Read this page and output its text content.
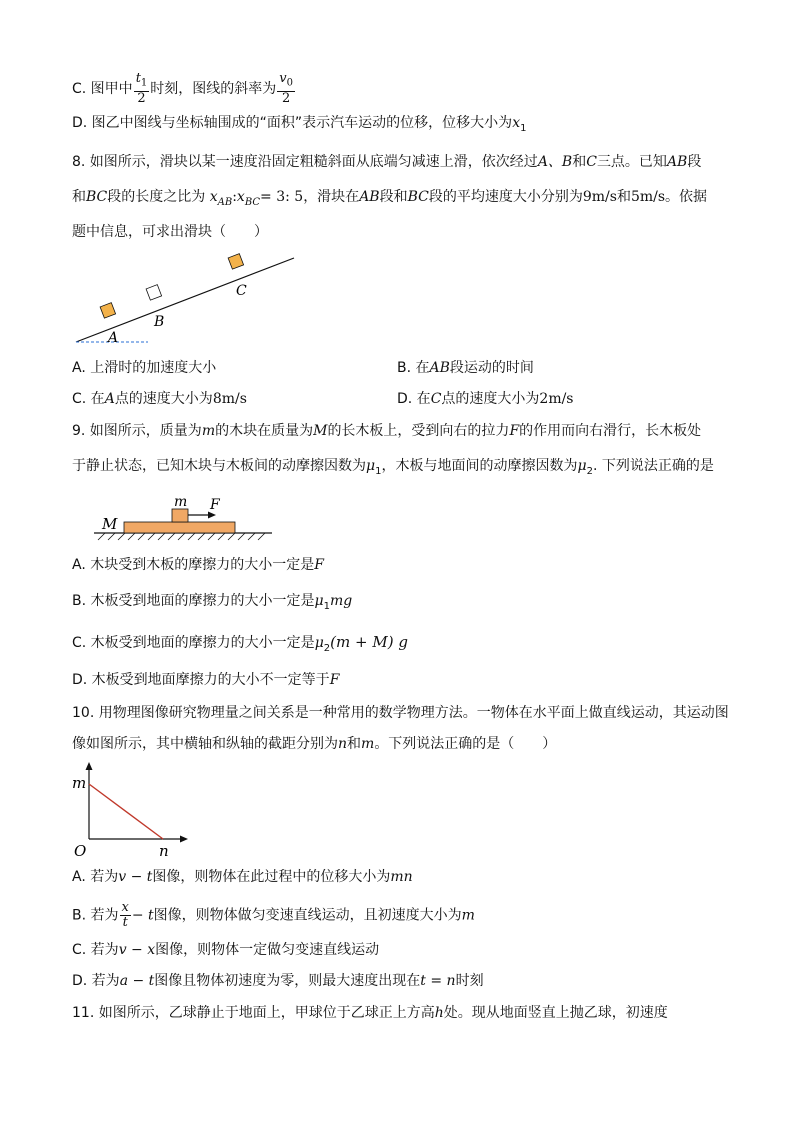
C. 图甲中 $\frac{t_1}{2}$ 时刻，图线的斜率为 $\frac{v_0}{2}$
D. 图乙中图线与坐标轴围成的“面积”表示汽车运动的位移，位移大小为$x_1$
8. 如图所示，滑块以某一速度沿固定粗糙斜面从底端匀减速上滑，依次经过A、B和C三点。已知AB段
和BC段的长度之比为 $x_{AB}:x_{BC}= 3$: 5，滑块在AB段和BC段的平均速度大小分别为9m/s和5m/s。依据
题中信息，可求出滑块（　　）
A
B
C
A. 上滑时的加速度大小	B. 在AB段运动的时间
C. 在A点的速度大小为8m/s	D. 在C点的速度大小为2m/s
9. 如图所示，质量为m的木块在质量为M的长木板上，受到向右的拉力F的作用而向右滑行，长木板处
于静止状态，已知木块与木板间的动摩擦因数为$\mu_1$，木板与地面间的动摩擦因数为$\mu_2$. 下列说法正确的是
m F
M
A. 木块受到木板的摩擦力的大小一定是F
B. 木板受到地面的摩擦力的大小一定是$\mu_1mg$
C. 木板受到地面的摩擦力的大小一定是$\mu_2(m + M)$ g
D. 木板受到地面摩擦力的大小不一定等于F
10. 用物理图像研究物理量之间关系是一种常用的数学物理方法。一物体在水平面上做直线运动，其运动图
像如图所示，其中横轴和纵轴的截距分别为n和m。下列说法正确的是（　　）
m
O	n
A. 若为v − t图像，则物体在此过程中的位移大小为mn
B. 若为 $\frac{x}{t} - t$图像，则物体做匀变速直线运动，且初速度大小为m
C. 若为v − x图像，则物体一定做匀变速直线运动
D. 若为a − t图像且物体初速度为零，则最大速度出现在t = n时刻
11. 如图所示，乙球静止于地面上，甲球位于乙球正上方高h处。现从地面竖直上抛乙球，初速度
